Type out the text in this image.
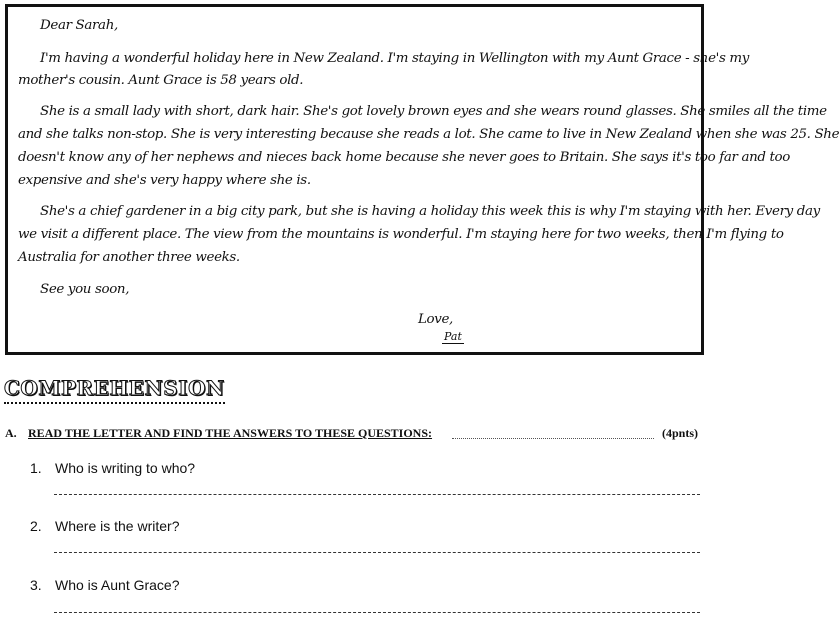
Dear Sarah,
I'm having a wonderful holiday here in New Zealand. I'm staying in Wellington with my Aunt Grace - she's my
mother's cousin. Aunt Grace is 58 years old.
She is a small lady with short, dark hair. She's got lovely brown eyes and she wears round glasses. She smiles all the time
and she talks non-stop. She is very interesting because she reads a lot. She came to live in New Zealand when she was 25. She
doesn't know any of her nephews and nieces back home because she never goes to Britain. She says it's too far and too
expensive and she's very happy where she is.
She's a chief gardener in a big city park, but she is having a holiday this week this is why I'm staying with her. Every day
we visit a different place. The view from the mountains is wonderful. I'm staying here for two weeks, then I'm flying to
Australia for another three weeks.
See you soon,
Love,
Pat
COMPREHENSION
A. READ THE LETTER AND FIND THE ANSWERS TO THESE QUESTIONS:	(4pnts)
1. Who is writing to who?
2. Where is the writer?
3. Who is Aunt Grace?
